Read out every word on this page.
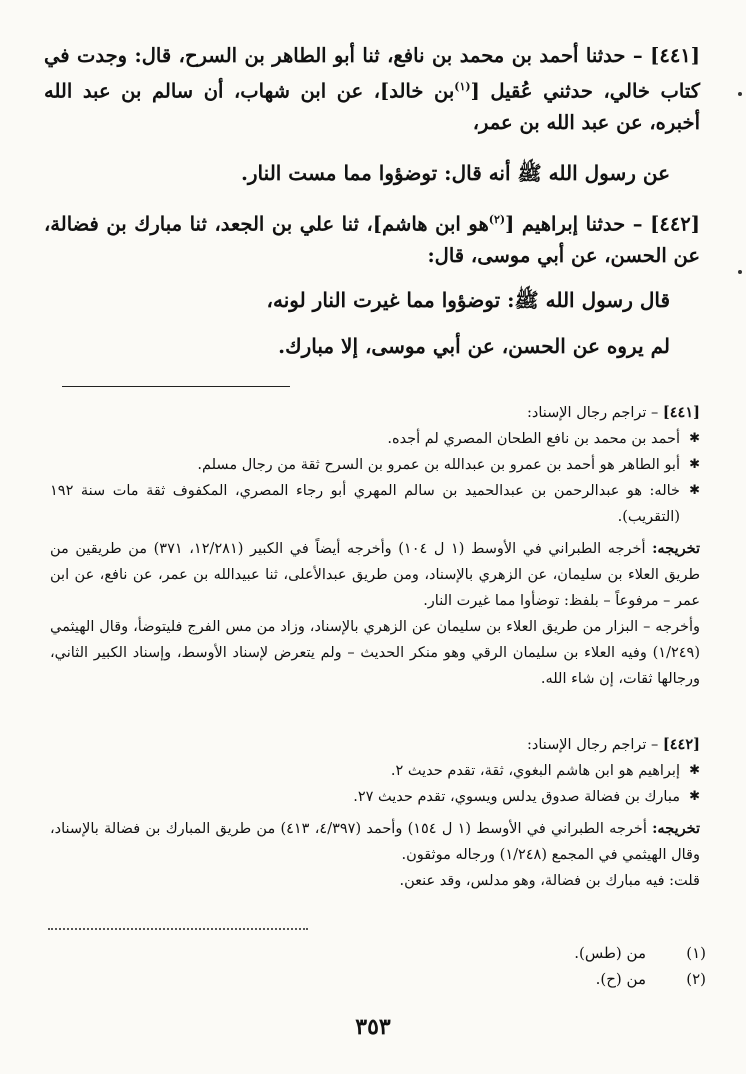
[٤٤١] – حدثنا أحمد بن محمد بن نافع، ثنا أبو الطاهر بن السرح، قال: وجدت في كتاب خالي، حدثني عُقيل [$^{(١)}$بن خالد]، عن ابن شهاب، أن سالم بن عبد الله أخبره، عن عبد الله بن عمر،

عن رسول الله ﷺ أنه قال: توضؤوا مما مست النار.

[٤٤٢] – حدثنا إبراهيم [$^{(٢)}$هو ابن هاشم]، ثنا علي بن الجعد، ثنا مبارك بن فضالة، عن الحسن، عن أبي موسى، قال:

قال رسول الله ﷺ: توضؤوا مما غيرت النار لونه،

لم يروه عن الحسن، عن أبي موسى، إلا مبارك.

[٤٤١] – تراجم رجال الإسناد:
✱ أحمد بن محمد بن نافع الطحان المصري لم أجده.
✱ أبو الطاهر هو أحمد بن عمرو بن عبدالله بن عمرو بن السرح ثقة من رجال مسلم.
✱ خاله: هو عبدالرحمن بن عبدالحميد بن سالم المهري أبو رجاء المصري، المكفوف ثقة مات سنة ١٩٢ (التقريب).
تخريجه: أخرجه الطبراني في الأوسط (١ ل ١٠٤) وأخرجه أيضاً في الكبير (١٢/٢٨١، ٣٧١) من طريقين من طريق العلاء بن سليمان، عن الزهري بالإسناد، ومن طريق عبدالأعلى، ثنا عبيدالله بن عمر، عن نافع، عن ابن عمر – مرفوعاً – بلفظ: توضأوا مما غيرت النار.
وأخرجه – البزار من طريق العلاء بن سليمان عن الزهري بالإسناد، وزاد من مس الفرج فليتوضأ، وقال الهيثمي (١/٢٤٩) وفيه العلاء بن سليمان الرقي وهو منكر الحديث – ولم يتعرض لإسناد الأوسط، وإسناد الكبير الثاني، ورجالها ثقات، إن شاء الله.
[٤٤٢] – تراجم رجال الإسناد:
✱ إبراهيم هو ابن هاشم البغوي، ثقة، تقدم حديث ٢.
✱ مبارك بن فضالة صدوق يدلس ويسوي، تقدم حديث ٢٧.
تخريجه: أخرجه الطبراني في الأوسط (١ ل ١٥٤) وأحمد (٤/٣٩٧، ٤١٣) من طريق المبارك بن فضالة بالإسناد، وقال الهيثمي في المجمع (١/٢٤٨) ورجاله موثقون.
قلت: فيه مبارك بن فضالة، وهو مدلس، وقد عنعن.
(١)من (طس).
(٢)من (ح).
٣٥٣
